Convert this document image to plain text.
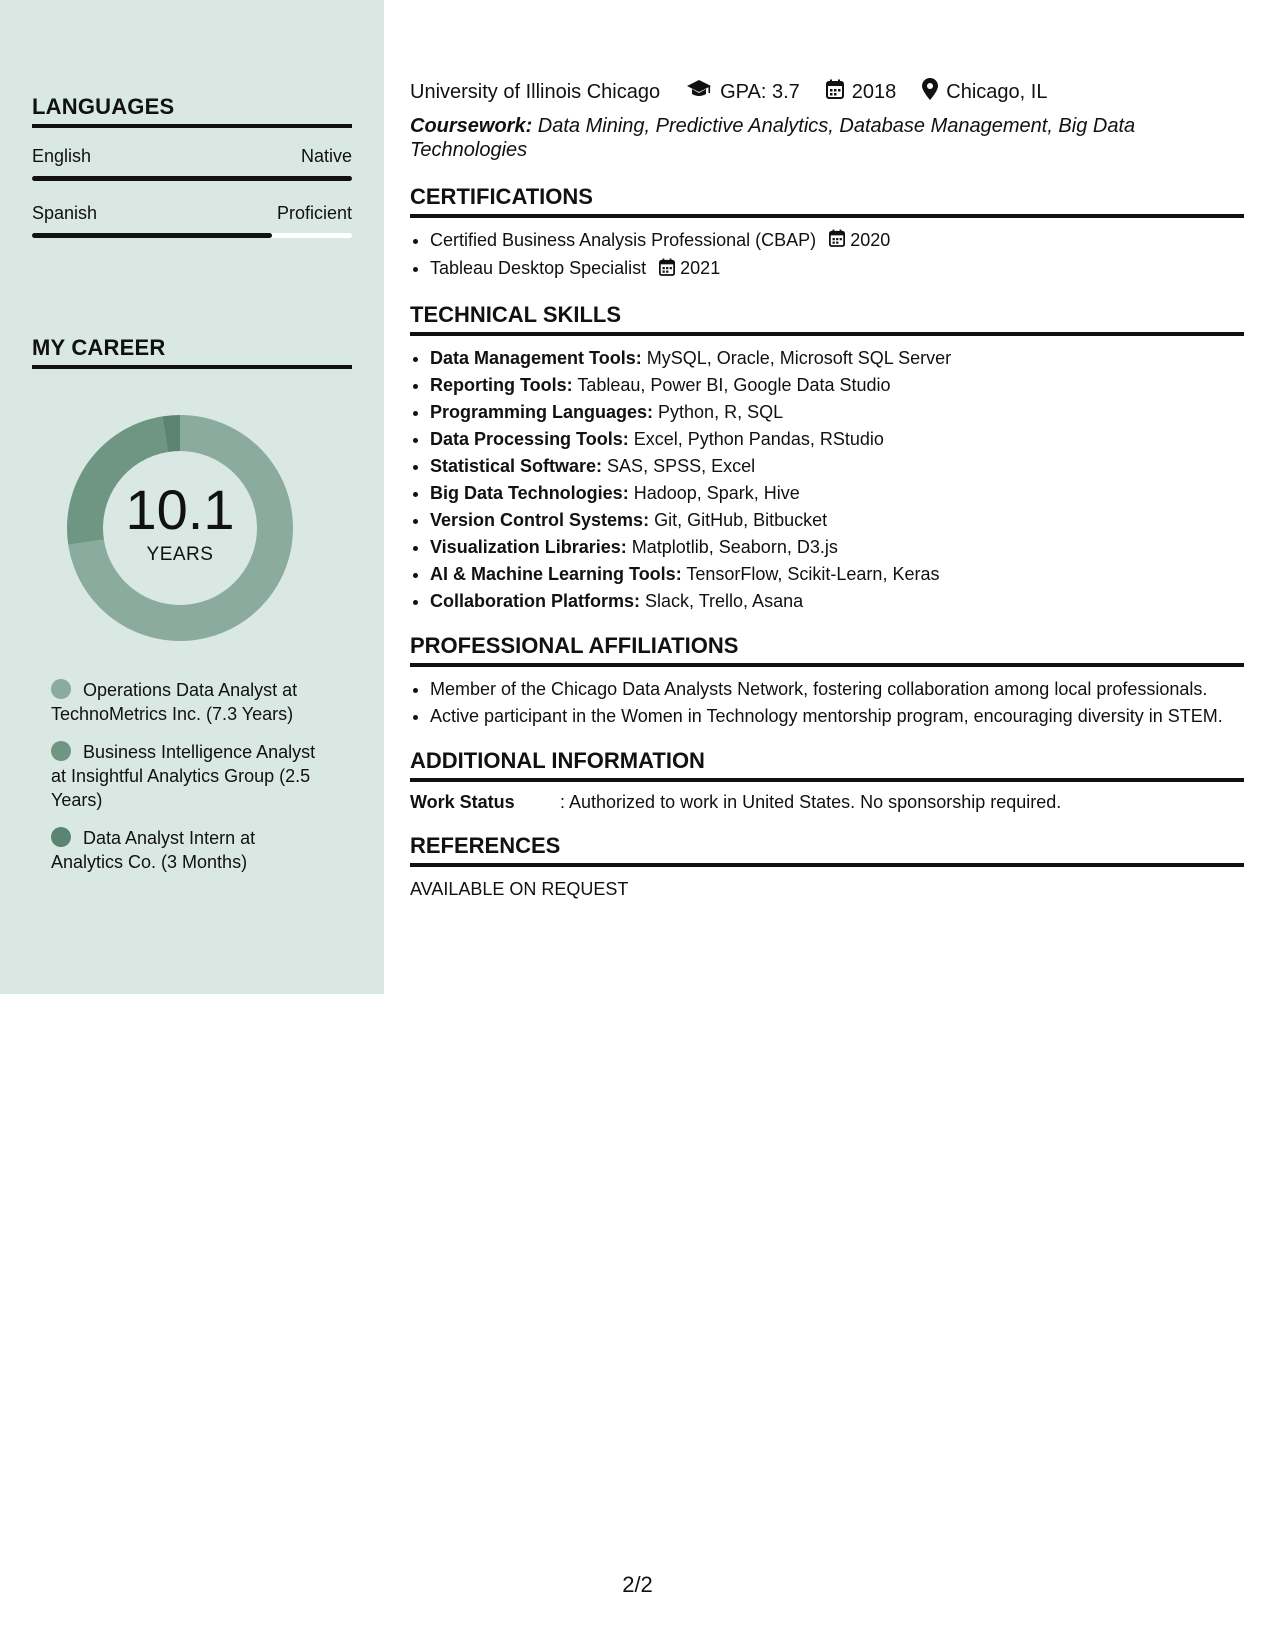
LANGUAGES
English	Native
Spanish	Proficient
MY CAREER
10.1
YEARS
Operations Data Analyst at TechnoMetrics Inc. (7.3 Years)
Business Intelligence Analyst at Insightful Analytics Group (2.5 Years)
Data Analyst Intern at Analytics Co. (3 Months)
University of Illinois Chicago	GPA: 3.7	2018	Chicago, IL
Coursework: Data Mining, Predictive Analytics, Database Management, Big Data Technologies
CERTIFICATIONS
• Certified Business Analysis Professional (CBAP) 2020
• Tableau Desktop Specialist 2021
TECHNICAL SKILLS
• Data Management Tools: MySQL, Oracle, Microsoft SQL Server
• Reporting Tools: Tableau, Power BI, Google Data Studio
• Programming Languages: Python, R, SQL
• Data Processing Tools: Excel, Python Pandas, RStudio
• Statistical Software: SAS, SPSS, Excel
• Big Data Technologies: Hadoop, Spark, Hive
• Version Control Systems: Git, GitHub, Bitbucket
• Visualization Libraries: Matplotlib, Seaborn, D3.js
• AI & Machine Learning Tools: TensorFlow, Scikit-Learn, Keras
• Collaboration Platforms: Slack, Trello, Asana
PROFESSIONAL AFFILIATIONS
• Member of the Chicago Data Analysts Network, fostering collaboration among local professionals.
• Active participant in the Women in Technology mentorship program, encouraging diversity in STEM.
ADDITIONAL INFORMATION
Work Status	: Authorized to work in United States. No sponsorship required.
REFERENCES
AVAILABLE ON REQUEST
2/2
